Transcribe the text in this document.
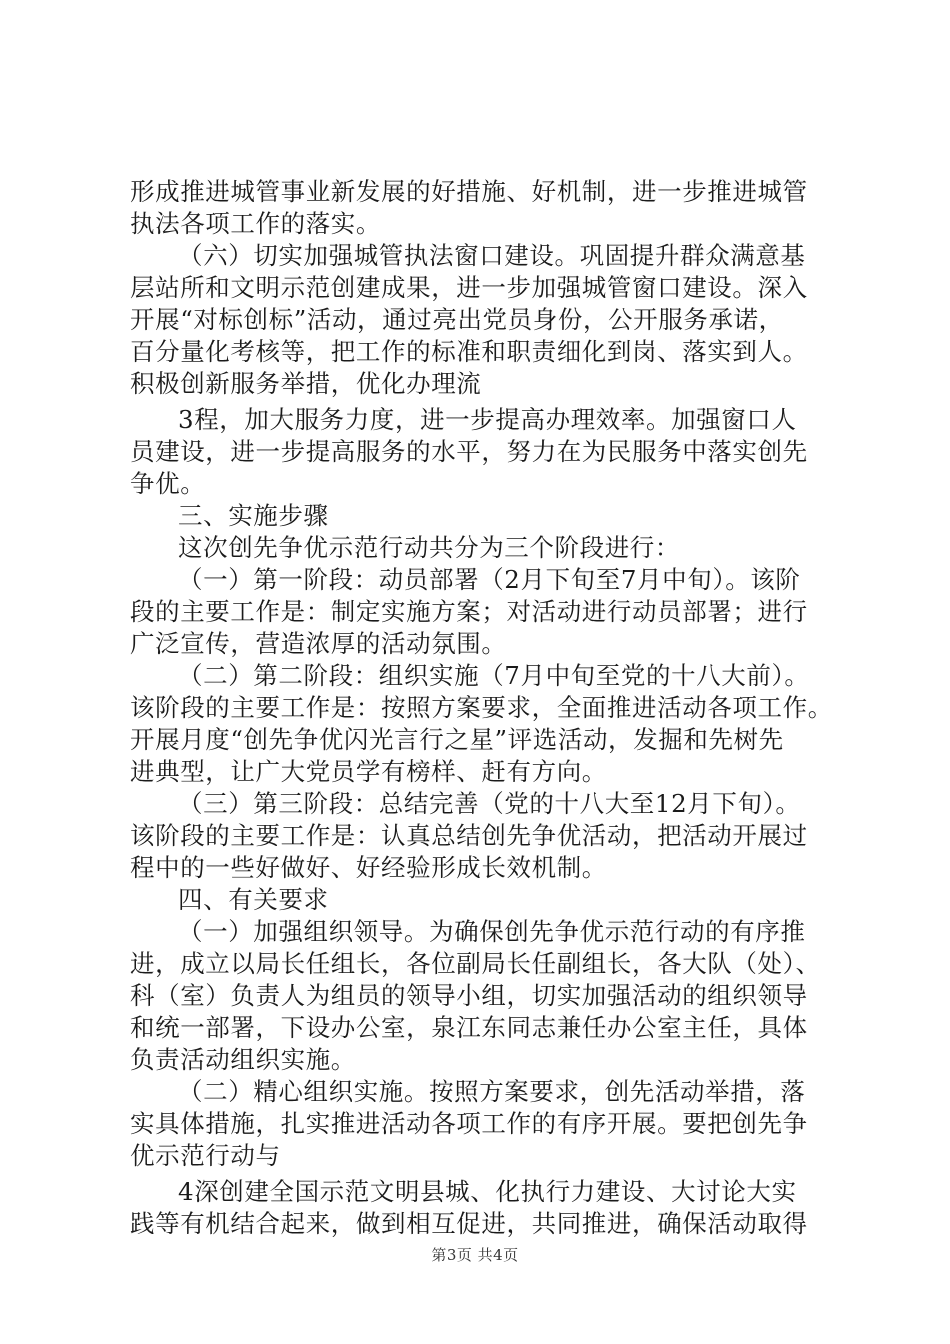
形成推进城管事业新发展的好措施、好机制，进一步推进城管
执法各项工作的落实。
（六）切实加强城管执法窗口建设。巩固提升群众满意基
层站所和文明示范创建成果，进一步加强城管窗口建设。深入
开展“对标创标”活动，通过亮出党员身份，公开服务承诺，
百分量化考核等，把工作的标准和职责细化到岗、落实到人。
积极创新服务举措，优化办理流
3程，加大服务力度，进一步提高办理效率。加强窗口人
员建设，进一步提高服务的水平，努力在为民服务中落实创先
争优。
三、实施步骤
这次创先争优示范行动共分为三个阶段进行：
（一）第一阶段：动员部署（2月下旬至7月中旬）。该阶
段的主要工作是：制定实施方案；对活动进行动员部署；进行
广泛宣传，营造浓厚的活动氛围。
（二）第二阶段：组织实施（7月中旬至党的十八大前）。
该阶段的主要工作是：按照方案要求，全面推进活动各项工作。
开展月度“创先争优闪光言行之星”评选活动，发掘和先树先
进典型，让广大党员学有榜样、赶有方向。
（三）第三阶段：总结完善（党的十八大至12月下旬）。
该阶段的主要工作是：认真总结创先争优活动，把活动开展过
程中的一些好做好、好经验形成长效机制。
四、有关要求
（一）加强组织领导。为确保创先争优示范行动的有序推
进，成立以局长任组长，各位副局长任副组长，各大队（处）、
科（室）负责人为组员的领导小组，切实加强活动的组织领导
和统一部署，下设办公室，泉江东同志兼任办公室主任，具体
负责活动组织实施。
（二）精心组织实施。按照方案要求，创先活动举措，落
实具体措施，扎实推进活动各项工作的有序开展。要把创先争
优示范行动与
4深创建全国示范文明县城、化执行力建设、大讨论大实
践等有机结合起来，做到相互促进，共同推进，确保活动取得
第3页 共4页
